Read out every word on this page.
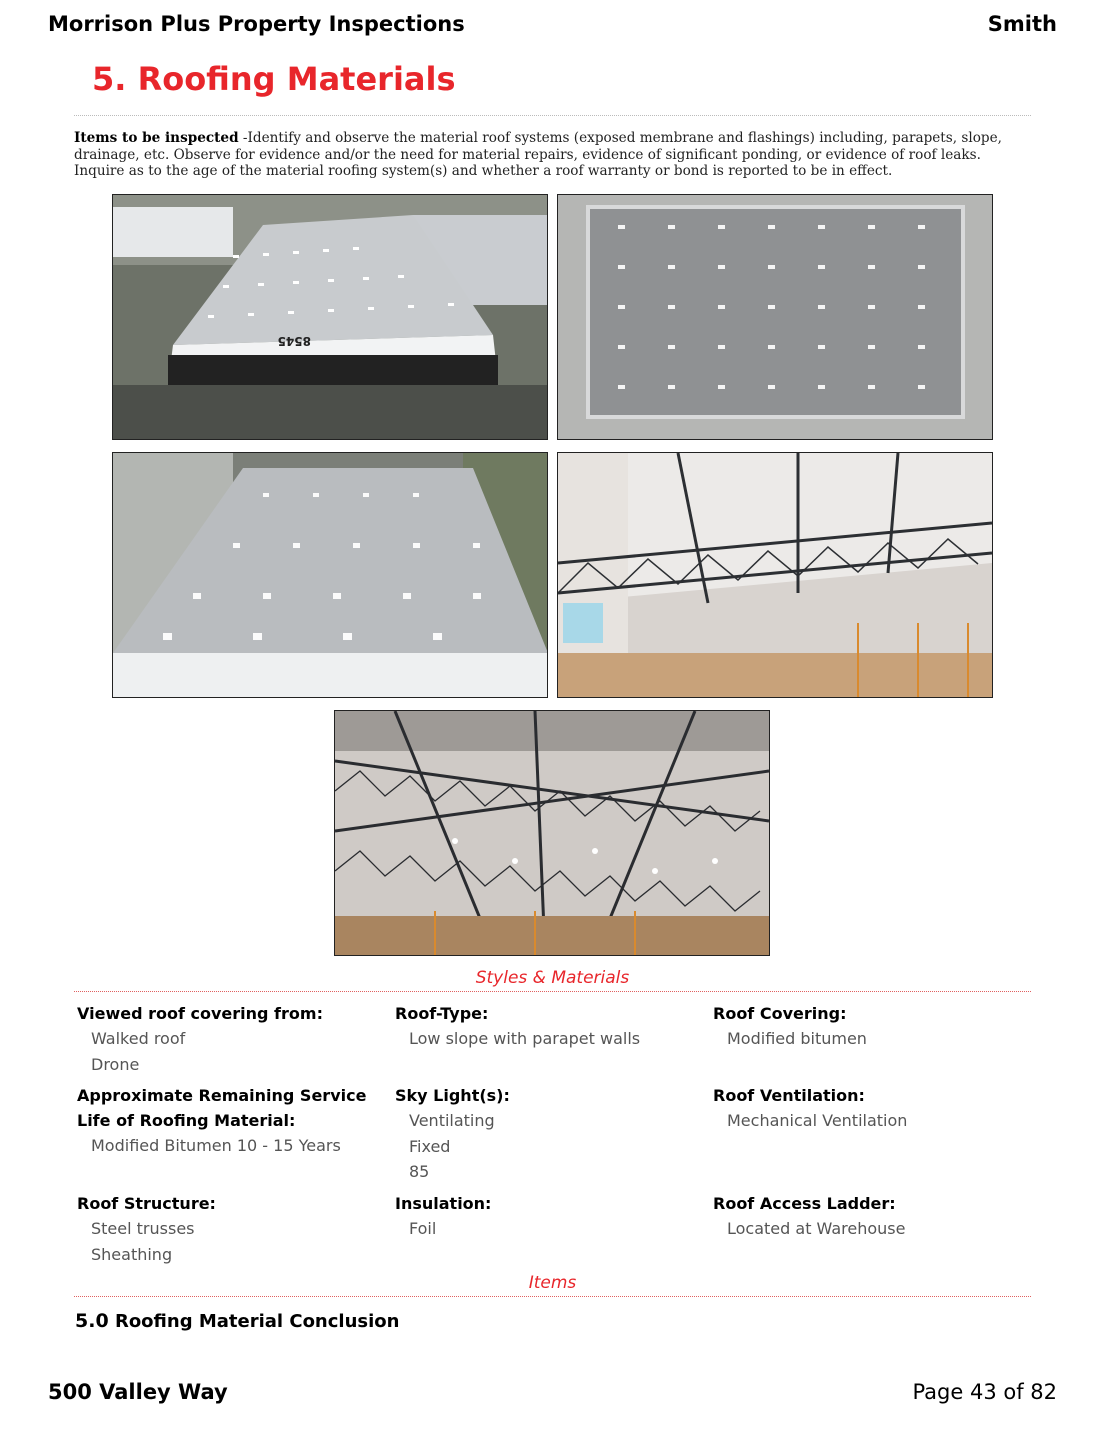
Morrison Plus Property Inspections	Smith
5. Roofing Materials
Items to be inspected -Identify and observe the material roof systems (exposed membrane and flashings) including, parapets, slope, drainage, etc. Observe for evidence and/or the need for material repairs, evidence of significant ponding, or evidence of roof leaks. Inquire as to the age of the material roofing system(s) and whether a roof warranty or bond is reported to be in effect.
8545
Styles & Materials
Viewed roof covering from:
Walked roof
Drone
Roof-Type:
Low slope with parapet walls
Roof Covering:
Modified bitumen
Approximate Remaining Service Life of Roofing Material:
Modified Bitumen 10 - 15 Years
Sky Light(s):
Ventilating
Fixed
85
Roof Ventilation:
Mechanical Ventilation
Roof Structure:
Steel trusses
Sheathing
Insulation:
Foil
Roof Access Ladder:
Located at Warehouse
Items
5.0 Roofing Material Conclusion
500 Valley Way	Page 43 of 82
